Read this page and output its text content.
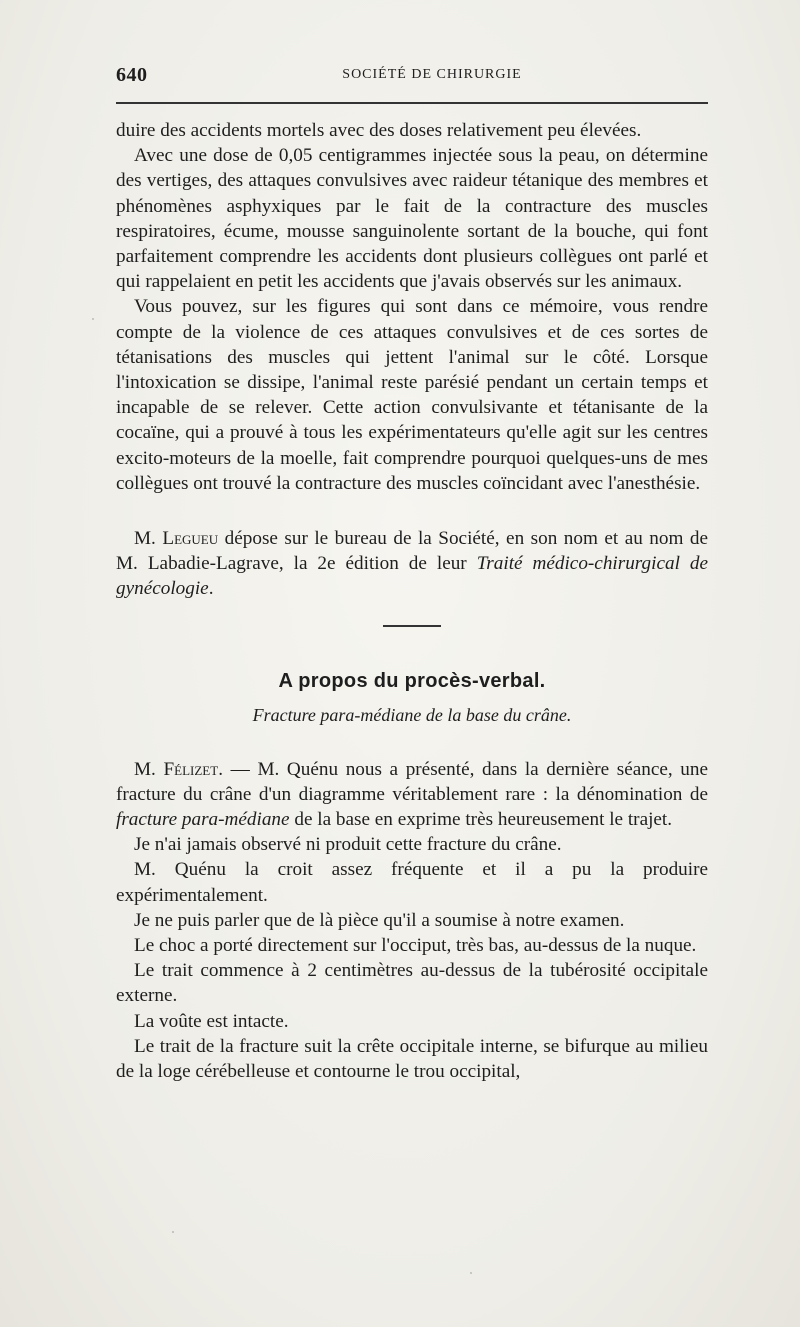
640	SOCIÉTÉ DE CHIRURGIE

duire des accidents mortels avec des doses relativement peu élevées.

Avec une dose de 0,05 centigrammes injectée sous la peau, on détermine des vertiges, des attaques convulsives avec raideur tétanique des membres et phénomènes asphyxiques par le fait de la contracture des muscles respiratoires, écume, mousse sanguinolente sortant de la bouche, qui font parfaitement comprendre les accidents dont plusieurs collègues ont parlé et qui rappelaient en petit les accidents que j'avais observés sur les animaux.

Vous pouvez, sur les figures qui sont dans ce mémoire, vous rendre compte de la violence de ces attaques convulsives et de ces sortes de tétanisations des muscles qui jettent l'animal sur le côté. Lorsque l'intoxication se dissipe, l'animal reste parésié pendant un certain temps et incapable de se relever. Cette action convulsivante et tétanisante de la cocaïne, qui a prouvé à tous les expérimentateurs qu'elle agit sur les centres excito-moteurs de la moelle, fait comprendre pourquoi quelques-uns de mes collègues ont trouvé la contracture des muscles coïncidant avec l'anesthésie.

M. Legueu dépose sur le bureau de la Société, en son nom et au nom de M. Labadie-Lagrave, la 2e édition de leur Traité médico-chirurgical de gynécologie.

A propos du procès-verbal.
Fracture para-médiane de la base du crâne.

M. Félizet. — M. Quénu nous a présenté, dans la dernière séance, une fracture du crâne d'un diagramme véritablement rare : la dénomination de fracture para-médiane de la base en exprime très heureusement le trajet.

Je n'ai jamais observé ni produit cette fracture du crâne.

M. Quénu la croit assez fréquente et il a pu la produire expérimentalement.

Je ne puis parler que de là pièce qu'il a soumise à notre examen.

Le choc a porté directement sur l'occiput, très bas, au-dessus de la nuque.

Le trait commence à 2 centimètres au-dessus de la tubérosité occipitale externe.

La voûte est intacte.

Le trait de la fracture suit la crête occipitale interne, se bifurque au milieu de la loge cérébelleuse et contourne le trou occipital,
